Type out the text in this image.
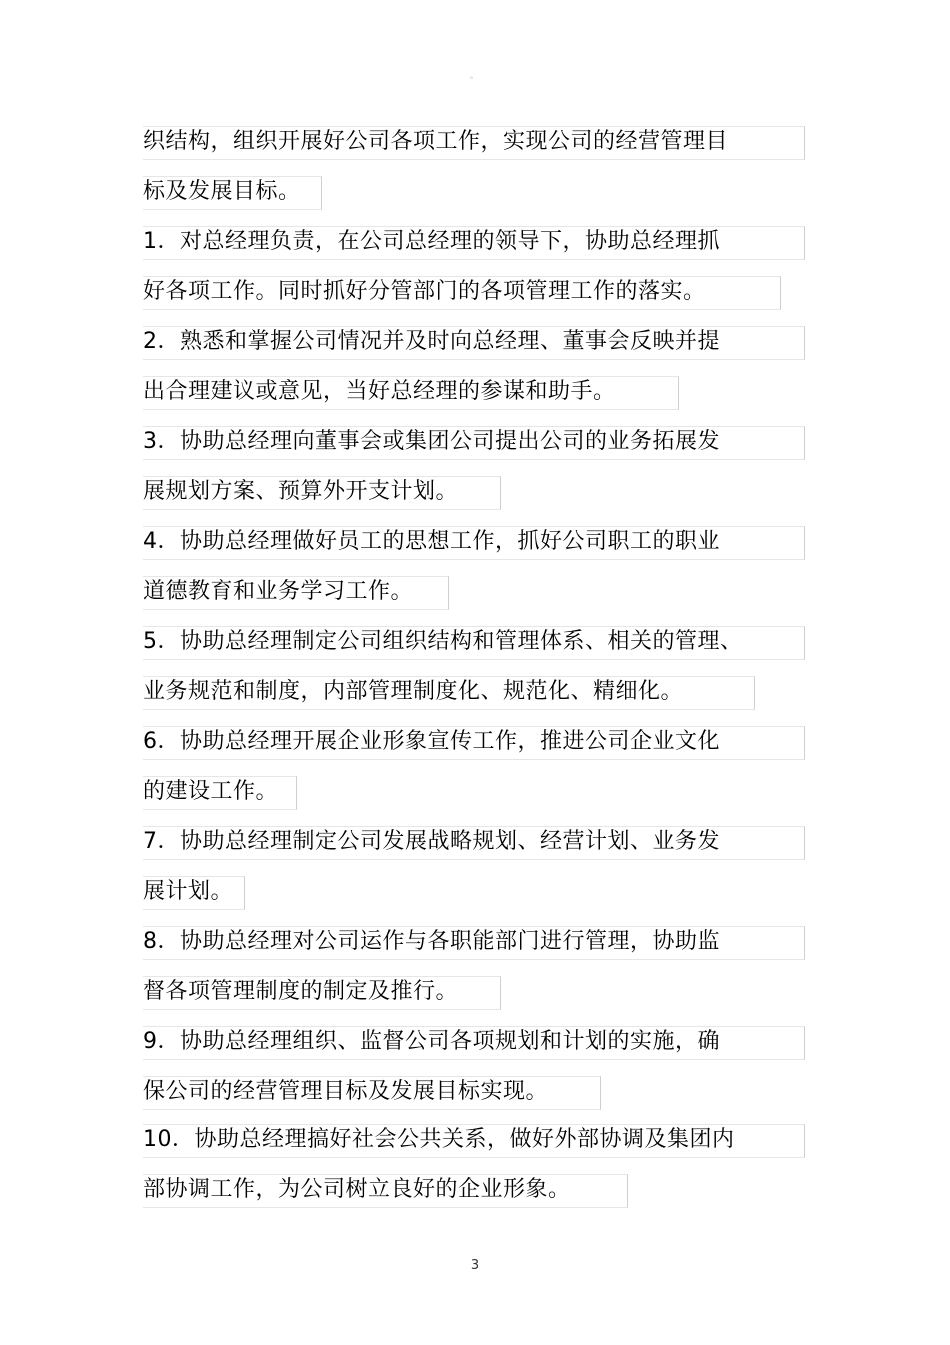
。
织结构，组织开展好公司各项工作，实现公司的经营管理目
标及发展目标。
1．对总经理负责，在公司总经理的领导下，协助总经理抓
好各项工作。同时抓好分管部门的各项管理工作的落实。
2．熟悉和掌握公司情况并及时向总经理、董事会反映并提
出合理建议或意见，当好总经理的参谋和助手。
3．协助总经理向董事会或集团公司提出公司的业务拓展发
展规划方案、预算外开支计划。
4．协助总经理做好员工的思想工作，抓好公司职工的职业
道德教育和业务学习工作。
5．协助总经理制定公司组织结构和管理体系、相关的管理、
业务规范和制度，内部管理制度化、规范化、精细化。
6．协助总经理开展企业形象宣传工作，推进公司企业文化
的建设工作。
7．协助总经理制定公司发展战略规划、经营计划、业务发
展计划。
8．协助总经理对公司运作与各职能部门进行管理，协助监
督各项管理制度的制定及推行。
9．协助总经理组织、监督公司各项规划和计划的实施，确
保公司的经营管理目标及发展目标实现。
10．协助总经理搞好社会公共关系，做好外部协调及集团内
部协调工作，为公司树立良好的企业形象。
3
